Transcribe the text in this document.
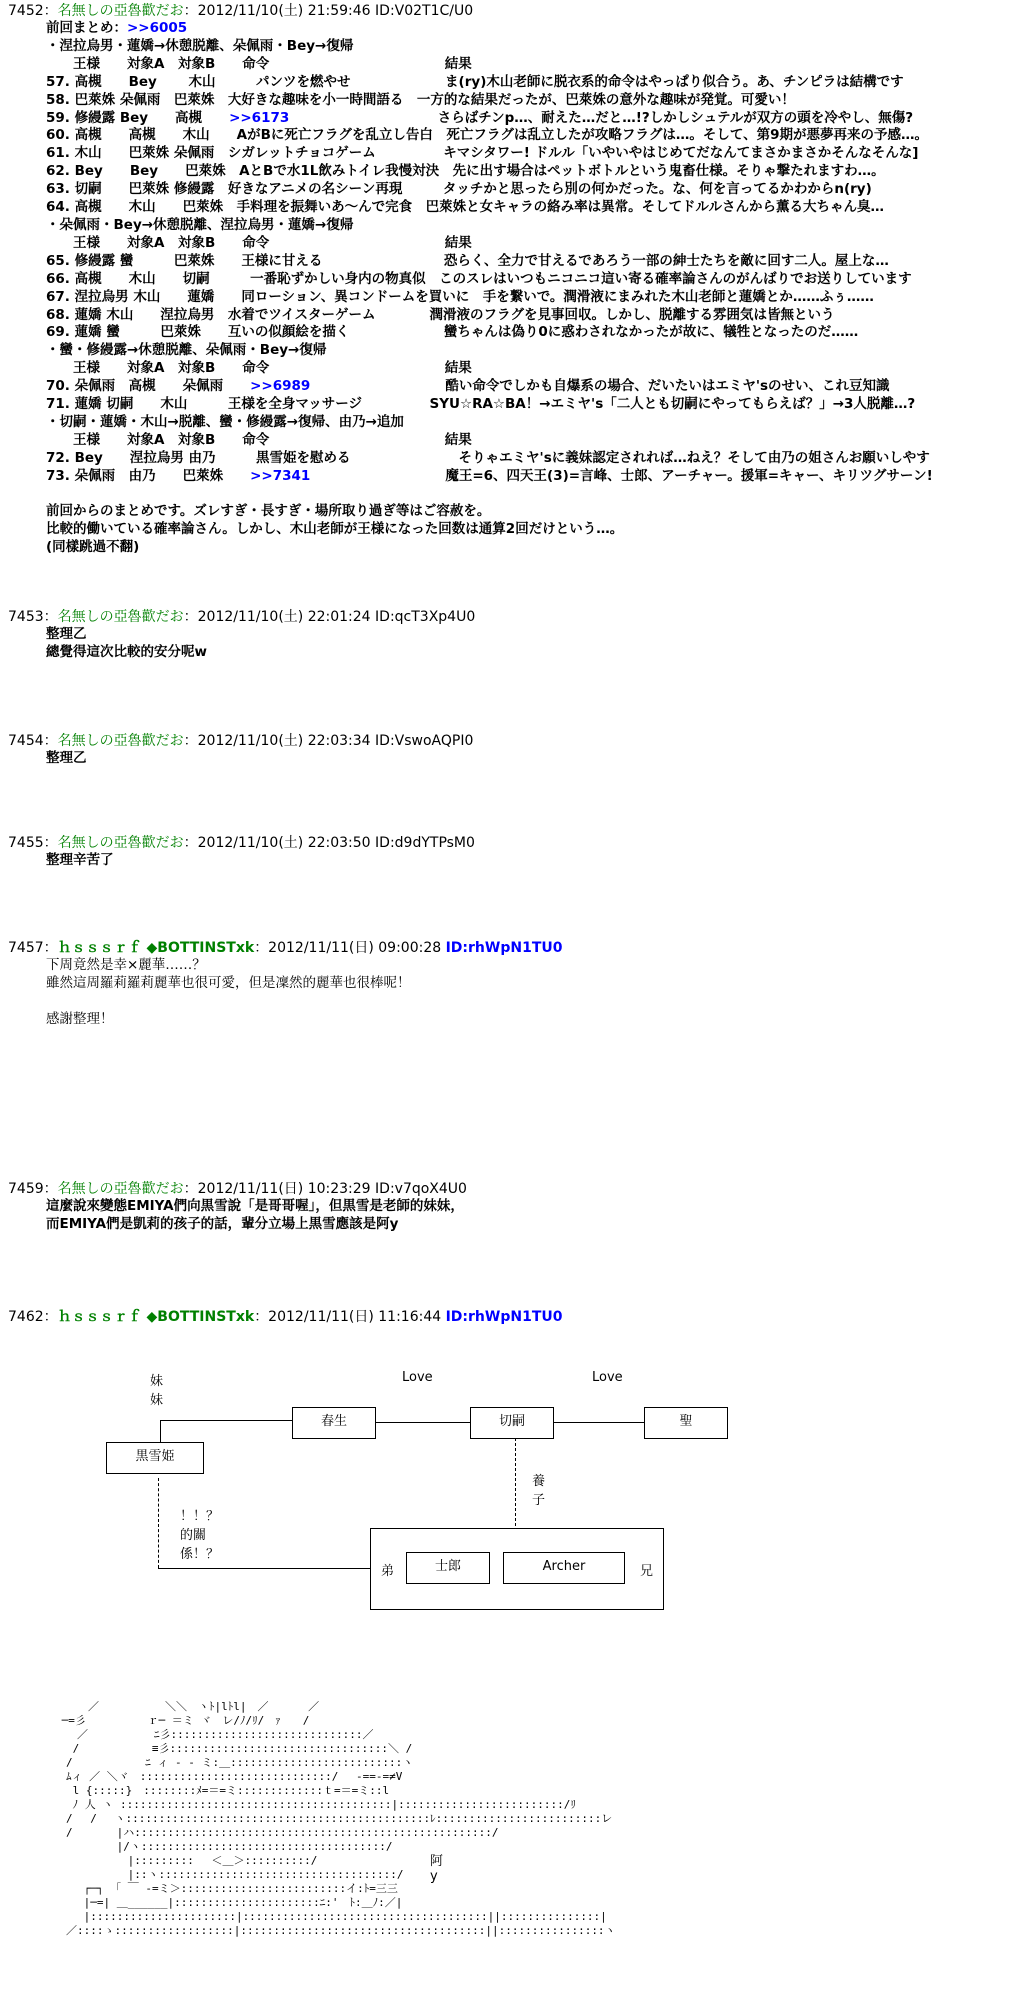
7452：名無しの亞魯歡だお：2012/11/10(土) 21:59:46 ID:V02T1C/U0
前回まとめ：>>6005
・涅拉烏男・蓮嬌→休憩脱離、朵佩雨・Bey→復帰
　　王様　　対象A　対象B　　命令　　　　　　　　　　　　　結果
57. 高槻　　Bey　　 木山　　　パンツを燃やせ　　　　　　　ま(ry)木山老師に脱衣系的命令はやっぱり似合う。あ、チンピラは結構です
58. 巴萊姝 朵佩雨　巴萊姝　大好きな趣味を小一時間語る　一方的な結果だったが、巴萊姝の意外な趣味が発覚。可愛い！
59. 修縵露 Bey　　高槻　　>>6173　　　　　　　　　　　さらばチンp…、耐えた…だと…!?しかしシュテルが双方の頭を冷やし、無傷?
60. 高槻　　高槻　　木山　　AがBに死亡フラグを乱立し告白　死亡フラグは乱立したが攻略フラグは…。そして、第9期が悪夢再来の予感…。
61. 木山　　巴萊姝 朵佩雨　シガレットチョコゲーム　　　　　キマシタワー! ドルル「いやいやはじめてだなんてまさかまさかそんなそんな]
62. Bey　　Bey　　巴萊姝　AとBで水1L飲みトイレ我慢対決　先に出す場合はペットボトルという鬼畜仕様。そりゃ撃たれますわ…。
63. 切嗣　　巴萊姝 修縵露　好きなアニメの名シーン再現　　　タッチかと思ったら別の何かだった。な、何を言ってるかわからn(ry)
64. 高槻　　木山　　巴萊姝　手料理を振舞いあ～んで完食　巴萊姝と女キャラの絡み率は異常。そしてドルルさんから薫る大ちゃん臭…
・朵佩雨・Bey→休憩脱離、涅拉烏男・蓮嬌→復帰
　　王様　　対象A　対象B　　命令　　　　　　　　　　　　　結果
65. 修縵露 蠻　　　巴萊姝　　王様に甘える　　　　　　　　　恐らく、全力で甘えるであろう一部の紳士たちを敵に回す二人。屋上な…
66. 高槻　　木山　　切嗣　　　一番恥ずかしい身内の物真似　このスレはいつもニコニコ這い寄る確率論さんのがんばりでお送りしています
67. 涅拉烏男 木山　　蓮嬌　　同ローション、異コンドームを買いに　手を繋いで。潤滑液にまみれた木山老師と蓮嬌とか……ふぅ……
68. 蓮嬌 木山　　涅拉烏男　水着でツイスターゲーム　　　　潤滑液のフラグを見事回収。しかし、脱離する雰囲気は皆無という
69. 蓮嬌 蠻　　　巴萊姝　　互いの似顔絵を描く　　　　　　　蠻ちゃんは偽り0に惑わされなかったが故に、犠牲となったのだ……
・蠻・修縵露→休憩脱離、朵佩雨・Bey→復帰
　　王様　　対象A　対象B　　命令　　　　　　　　　　　　　結果
70. 朵佩雨　高槻　　朵佩雨　　>>6989　　　　　　　　　　酷い命令でしかも自爆系の場合、だいたいはエミヤ'sのせい、これ豆知識
71. 蓮嬌 切嗣　　木山　　　王様を全身マッサージ　　　　　SYU☆RA☆BA！→エミヤ's「二人とも切嗣にやってもらえば？」→3人脱離…?
・切嗣・蓮嬌・木山→脱離、蠻・修縵露→復帰、由乃→追加
　　王様　　対象A　対象B　　命令　　　　　　　　　　　　　結果
72. Bey　　涅拉烏男 由乃　　　黒雪姫を慰める　　　　　　　　そりゃエミヤ'sに義妹認定されれば…ねえ？そして由乃の姐さんお願いしやす
73. 朵佩雨　由乃　　巴萊姝　　>>7341　　　　　　　　　　魔王=6、四天王(3)=言峰、士郎、アーチャー。援軍=キャー、キリツグサーン!
前回からのまとめです。ズレすぎ・長すぎ・場所取り過ぎ等はご容赦を。
比較的働いている確率論さん。しかし、木山老師が王様になった回数は通算2回だけという…。
(同樣跳過不翻)
7453：名無しの亞魯歡だお：2012/11/10(土) 22:01:24 ID:qcT3Xp4U0
整理乙
總覺得這次比較的安分呢w
7454：名無しの亞魯歡だお：2012/11/10(土) 22:03:34 ID:VswoAQPI0
整理乙
7455：名無しの亞魯歡だお：2012/11/10(土) 22:03:50 ID:d9dYTPsM0
整理辛苦了
7457：ｈｓｓｓｒｆ ◆BOTTINSTxk：2012/11/11(日) 09:00:28 ID:rhWpN1TU0
下周竟然是幸×麗華……？
雖然這周羅莉羅莉麗華也很可愛，但是凜然的麗華也很棒呢！
感謝整理！
7459：名無しの亞魯歡だお：2012/11/11(日) 10:23:29 ID:v7qoX4U0
這麼說來變態EMIYA們向黒雪說「是哥哥喔」，但黒雪是老師的妹妹，
而EMIYA們是凱莉的孩子的話，輩分立場上黒雪應該是阿y
7462：ｈｓｓｓｒｆ ◆BOTTINSTxk：2012/11/11(日) 11:16:44 ID:rhWpN1TU0
妹妹
Love	Love
黒雪姫
春生	切嗣	聖
養子
！！？的關係！？
弟	士郎	Archer	兄
阿y
　　　／　　　　　　＼＼　ヽﾄ|lﾄl|　／　　　 ／
─=彡　　　　　 ｒ─ ＝ミ ヾ　レ/ﾉ/ﾘ/　ｧ　　/
　　／　　　　　　ﾆ彡:::::::::::::::::::::::::::::／
　 /　　　　　　 ≡彡:::::::::::::::::::::::::::::::::＼ /
　/　　　　　　 ﾆ ィ ‐ ‐ ミ:＿::::::::::::::::::::::::::ヽ
　ﾑィ ／ ＼ヾ　:::::::::::::::::::::::::::::/　 ‐==‐=≠V
　 l {:::::}　::::::::ﾒ=＝=ミ:::::::::::::ｔ=＝=ミ::l
　 ﾉ 人 ヽ :::::::::::::::::::::::::::::::::::::::::|:::::::::::::::::::::::::/ﾘ
　/　 / 　ヽ::::::::::::::::::::::::::::::::::::::::::::::ﾚ:::::::::::::::::::::::::レ
　/　　　　|ハ::::::::::::::::::::::::::::::::::::::::::::::::::::::/
　　　　　 |/ヽ:::::::::::::::::::::::::::::::::::::/
　　　　　　 |::::::::: 　＜＿＞::::::::::/
　　　　　　 |::ヽ::::::::::::::::::::::::::::::::::::/
　　 ┌─┐ 「 ￣ ‐=ミ＞:::::::::::::::::::::::::イ:ﾄ=三三
　 　|─=| ＿______|::::::::::::::::::::::ﾆ:'　ﾄ:＿ﾉ:／|
　　 |::::::::::::::::::::::|:::::::::::::::::::::::::::::::::::::||:::::::::::::::|
　／::::ゝ::::::::::::::::::|:::::::::::::::::::::::::::::::::::::||::::::::::::::::ヽ
